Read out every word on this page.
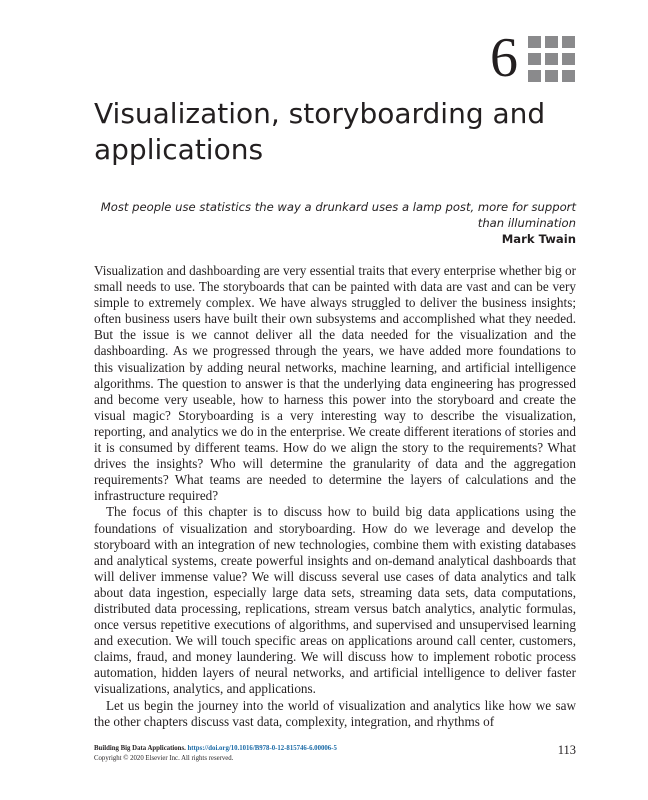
6
Visualization, storyboarding and applications
Most people use statistics the way a drunkard uses a lamp post, more for support than illumination
Mark Twain

Visualization and dashboarding are very essential traits that every enterprise whether big or small needs to use. The storyboards that can be painted with data are vast and can be very simple to extremely complex. We have always struggled to deliver the business insights; often business users have built their own subsystems and accomplished what they needed. But the issue is we cannot deliver all the data needed for the visualization and the dashboarding. As we progressed through the years, we have added more foundations to this visualization by adding neural networks, machine learning, and artificial intelligence algorithms. The question to answer is that the underlying data engineering has progressed and become very useable, how to harness this power into the storyboard and create the visual magic? Storyboarding is a very interesting way to describe the visualization, reporting, and analytics we do in the enterprise. We create different iterations of stories and it is consumed by different teams. How do we align the story to the requirements? What drives the insights? Who will determine the granularity of data and the aggregation requirements? What teams are needed to determine the layers of calculations and the infrastructure required?

The focus of this chapter is to discuss how to build big data applications using the foundations of visualization and storyboarding. How do we leverage and develop the storyboard with an integration of new technologies, combine them with existing databases and analytical systems, create powerful insights and on-demand analytical dashboards that will deliver immense value? We will discuss several use cases of data analytics and talk about data ingestion, especially large data sets, streaming data sets, data computations, distributed data processing, replications, stream versus batch analytics, analytic formulas, once versus repetitive executions of algorithms, and supervised and unsupervised learning and execution. We will touch specific areas on applications around call center, customers, claims, fraud, and money laundering. We will discuss how to implement robotic process automation, hidden layers of neural networks, and artificial intelligence to deliver faster visualizations, analytics, and applications.

Let us begin the journey into the world of visualization and analytics like how we saw the other chapters discuss vast data, complexity, integration, and rhythms of

Building Big Data Applications. https://doi.org/10.1016/B978-0-12-815746-6.00006-5
Copyright © 2020 Elsevier Inc. All rights reserved.
113
